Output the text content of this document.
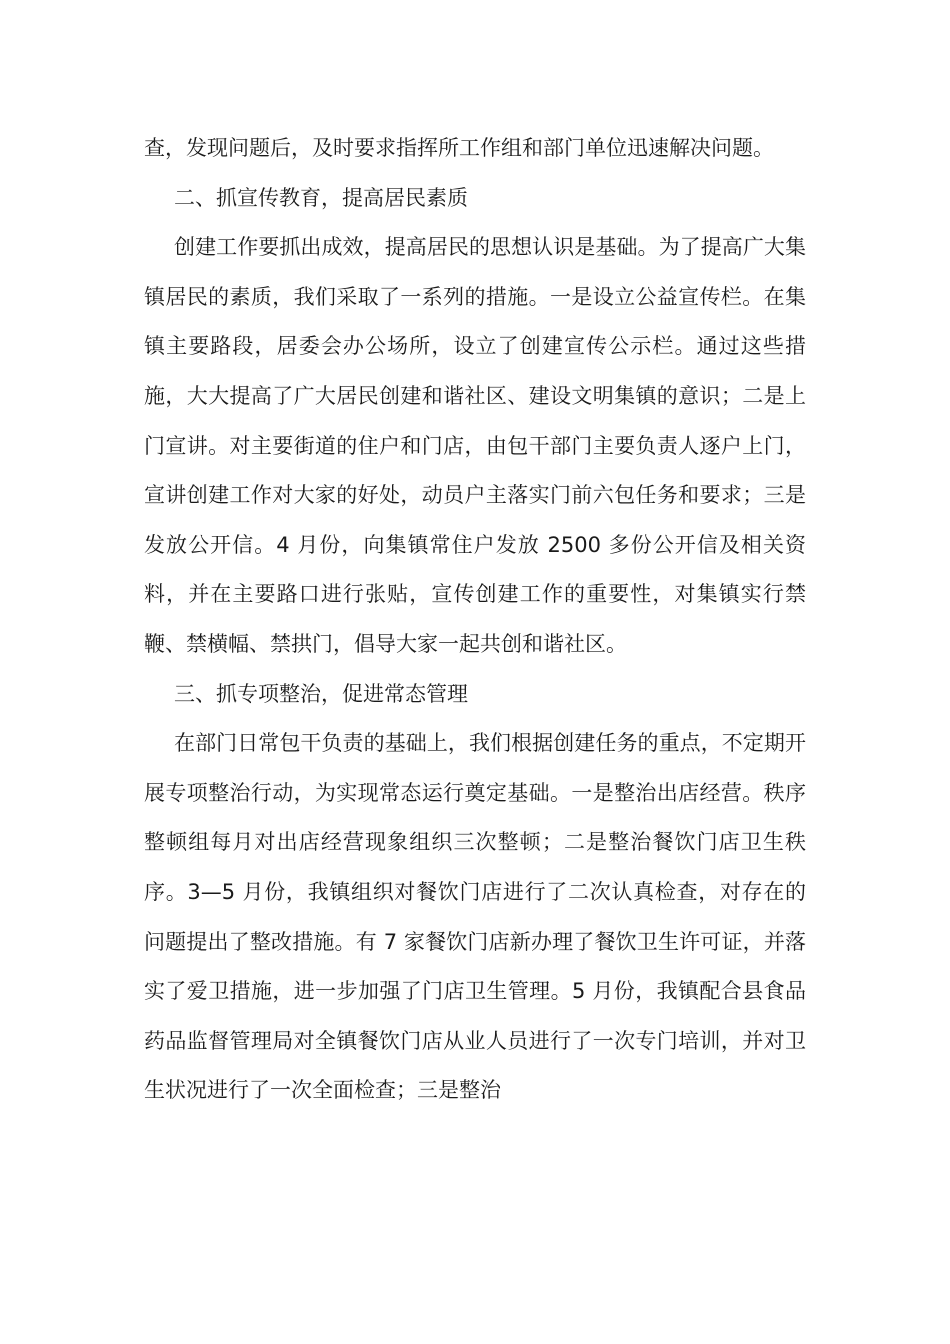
查，发现问题后，及时要求指挥所工作组和部门单位迅速解决问题。

二、抓宣传教育，提高居民素质

创建工作要抓出成效，提高居民的思想认识是基础。为了提高广大集镇居民的素质，我们采取了一系列的措施。一是设立公益宣传栏。在集镇主要路段，居委会办公场所，设立了创建宣传公示栏。通过这些措施，大大提高了广大居民创建和谐社区、建设文明集镇的意识；二是上门宣讲。对主要街道的住户和门店，由包干部门主要负责人逐户上门，宣讲创建工作对大家的好处，动员户主落实门前六包任务和要求；三是发放公开信。4 月份，向集镇常住户发放 2500 多份公开信及相关资料，并在主要路口进行张贴，宣传创建工作的重要性，对集镇实行禁鞭、禁横幅、禁拱门，倡导大家一起共创和谐社区。

三、抓专项整治，促进常态管理

在部门日常包干负责的基础上，我们根据创建任务的重点，不定期开展专项整治行动，为实现常态运行奠定基础。一是整治出店经营。秩序整顿组每月对出店经营现象组织三次整顿；二是整治餐饮门店卫生秩序。3—5 月份，我镇组织对餐饮门店进行了二次认真检查，对存在的问题提出了整改措施。有 7 家餐饮门店新办理了餐饮卫生许可证，并落实了爱卫措施，进一步加强了门店卫生管理。5 月份，我镇配合县食品药品监督管理局对全镇餐饮门店从业人员进行了一次专门培训，并对卫生状况进行了一次全面检查；三是整治
